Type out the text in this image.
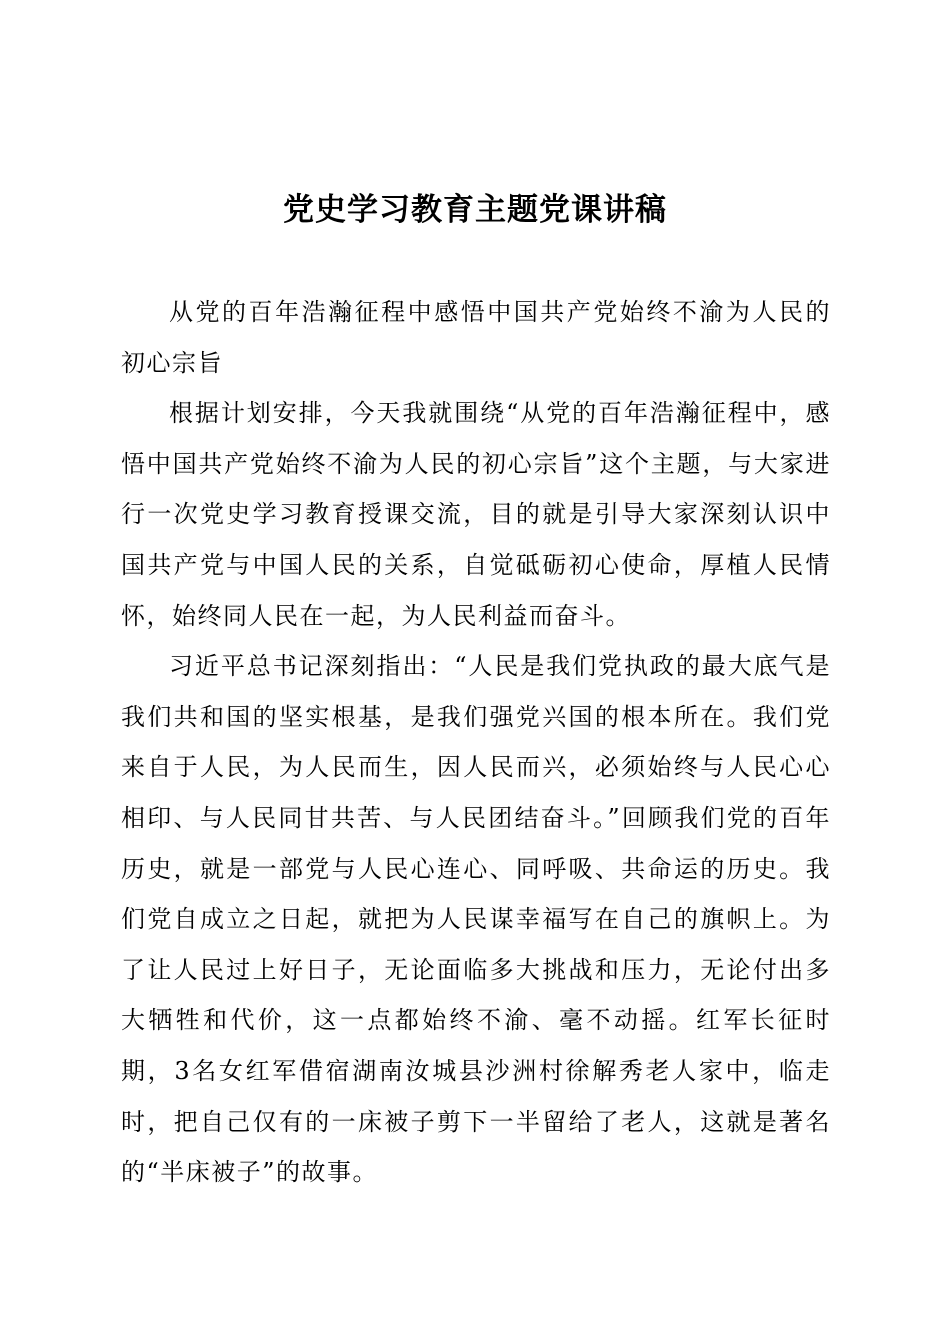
党史学习教育主题党课讲稿

从党的百年浩瀚征程中感悟中国共产党始终不渝为人民的初心宗旨

根据计划安排，今天我就围绕“从党的百年浩瀚征程中，感悟中国共产党始终不渝为人民的初心宗旨”这个主题，与大家进行一次党史学习教育授课交流，目的就是引导大家深刻认识中国共产党与中国人民的关系，自觉砥砺初心使命，厚植人民情怀，始终同人民在一起，为人民利益而奋斗。

习近平总书记深刻指出：“人民是我们党执政的最大底气是我们共和国的坚实根基，是我们强党兴国的根本所在。我们党来自于人民，为人民而生，因人民而兴，必须始终与人民心心相印、与人民同甘共苦、与人民团结奋斗。”回顾我们党的百年历史，就是一部党与人民心连心、同呼吸、共命运的历史。我们党自成立之日起，就把为人民谋幸福写在自己的旗帜上。为了让人民过上好日子，无论面临多大挑战和压力，无论付出多大牺牲和代价，这一点都始终不渝、毫不动摇。红军长征时期，3名女红军借宿湖南汝城县沙洲村徐解秀老人家中，临走时，把自己仅有的一床被子剪下一半留给了老人，这就是著名的“半床被子”的故事。
